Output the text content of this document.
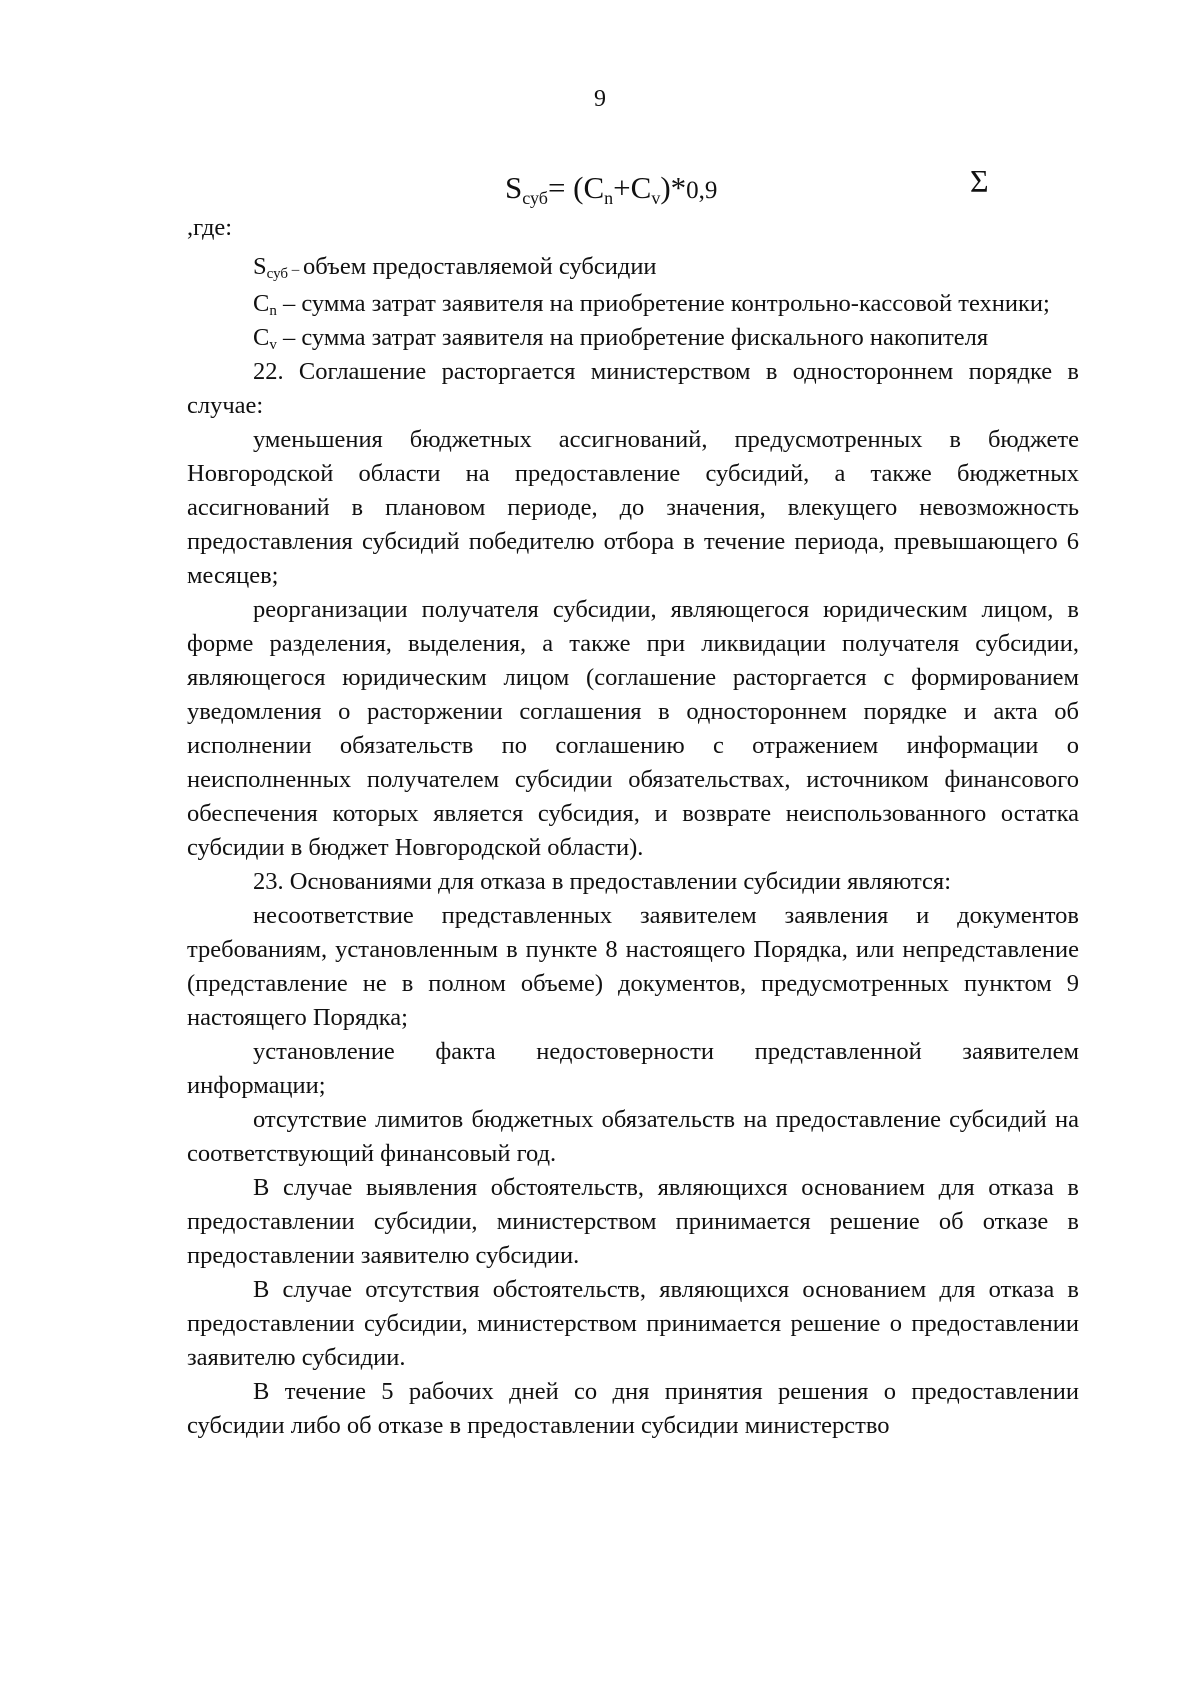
9
$S_{суб}= (C_n+C_v)*0,9$	Σ
,где:

$S_{суб}$ – объем предоставляемой субсидии

$C_n$ – сумма затрат заявителя на приобретение контрольно-кассовой техники;

$C_v$ – сумма затрат заявителя на приобретение фискального накопителя

22. Соглашение расторгается министерством в одностороннем порядке в случае:

уменьшения бюджетных ассигнований, предусмотренных в бюджете Новгородской области на предоставление субсидий, а также бюджетных ассигнований в плановом периоде, до значения, влекущего невозможность предоставления субсидий победителю отбора в течение периода, превышающего 6 месяцев;

реорганизации получателя субсидии, являющегося юридическим лицом, в форме разделения, выделения, а также при ликвидации получателя субсидии, являющегося юридическим лицом (соглашение расторгается с формированием уведомления о расторжении соглашения в одностороннем порядке и акта об исполнении обязательств по соглашению с отражением информации о неисполненных получателем субсидии обязательствах, источником финансового обеспечения которых является субсидия, и возврате неиспользованного остатка субсидии в бюджет Новгородской области).

23. Основаниями для отказа в предоставлении субсидии являются:

несоответствие представленных заявителем заявления и документов требованиям, установленным в пункте 8 настоящего Порядка, или непредставление (представление не в полном объеме) документов, предусмотренных пунктом 9 настоящего Порядка;

установление факта недостоверности представленной заявителем информации;

отсутствие лимитов бюджетных обязательств на предоставление субсидий на соответствующий финансовый год.

В случае выявления обстоятельств, являющихся основанием для отказа в предоставлении субсидии, министерством принимается решение об отказе в предоставлении заявителю субсидии.

В случае отсутствия обстоятельств, являющихся основанием для отказа в предоставлении субсидии, министерством принимается решение о предоставлении заявителю субсидии.

В течение 5 рабочих дней со дня принятия решения о предоставлении субсидии либо об отказе в предоставлении субсидии министерство
